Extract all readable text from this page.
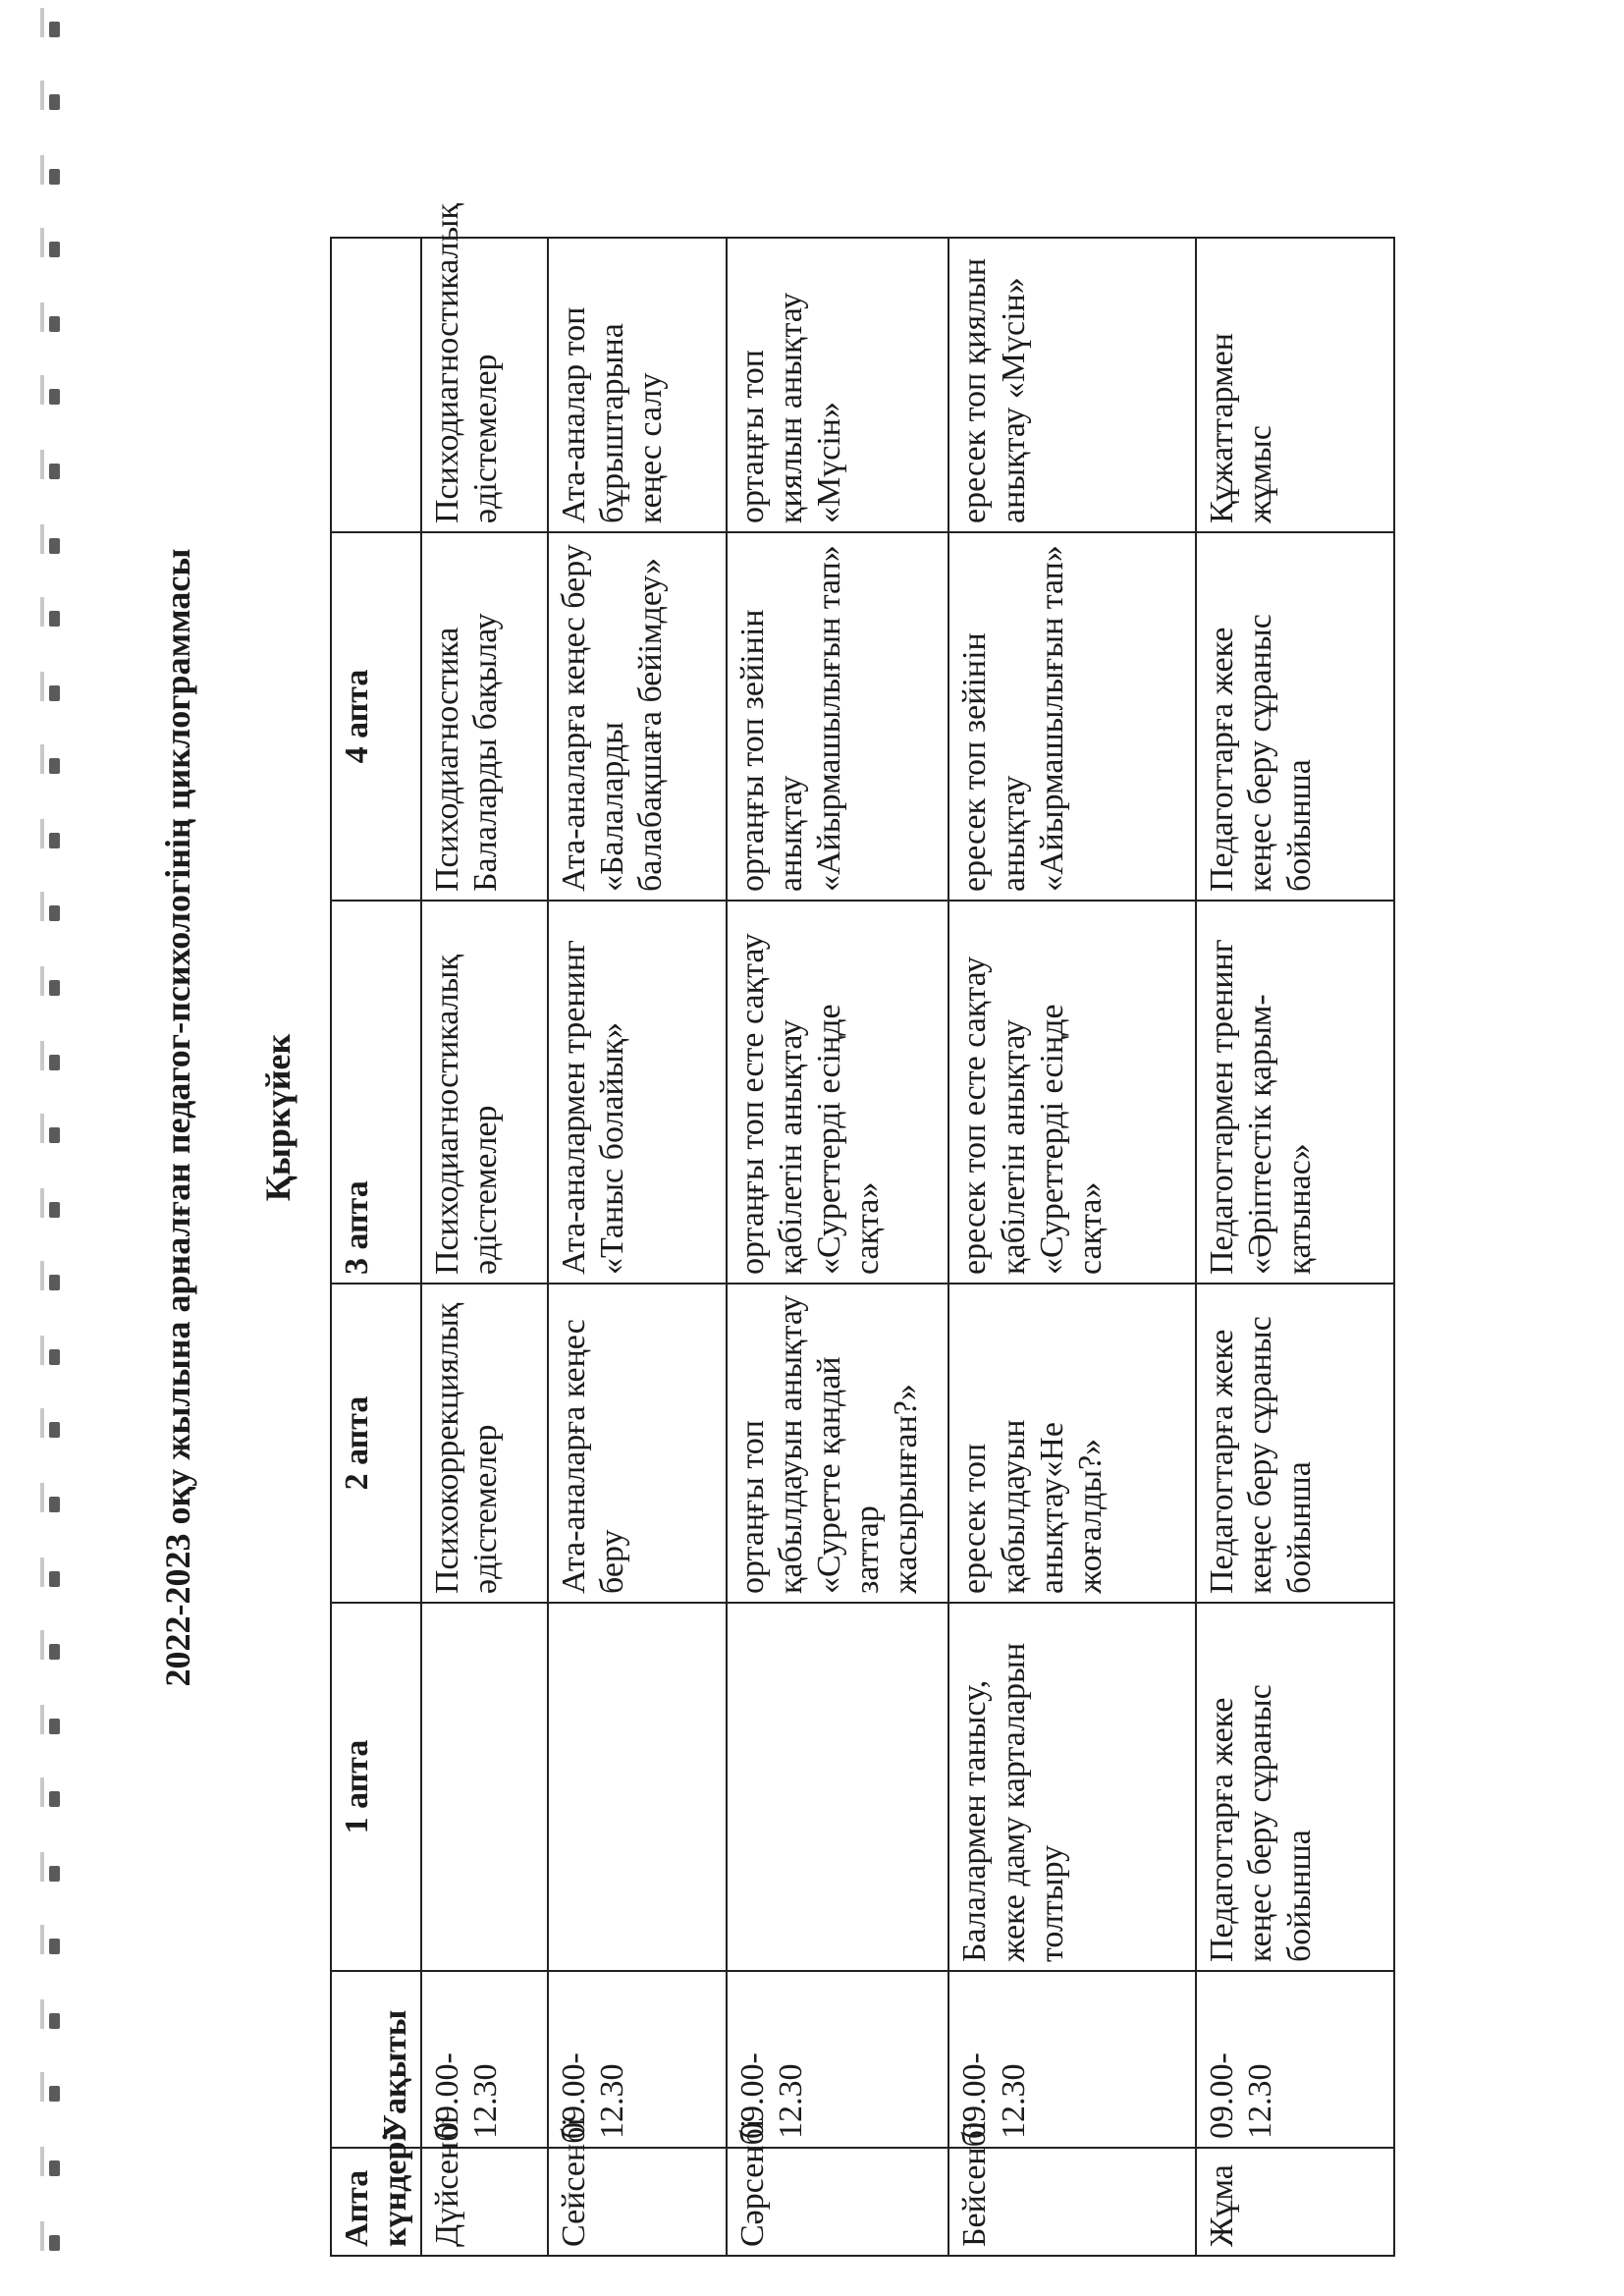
2022-2023 оқу жылына арналған педагог-психологінің циклограммасы Қыркүйек
Апта күндері	Уақыты	1 апта	2 апта	3 апта	4 апта	
Дүйсенбі	09.00-12.30		Психокоррекциялық әдістемелер	Психодиагностикалық әдістемелер	Психодиагностика Балаларды бақылау	Психодиагностикалық әдістемелер
Сейсенбі	09.00-12.30		Ата-аналарға кеңес беру	Ата-аналармен тренинг «Таныс болайық»	Ата-аналарға кеңес беру «Балаларды балабақшаға бейімдеу»	Ата-аналар топ бұрыштарына кеңес салу
Сәрсенбі	09.00-12.30		ортаңғы топ қабылдауын анықтау «Суретте қандай заттар жасырынған?»	ортаңғы топ есте сақтау қабілетін анықтау «Суреттерді есіңде сақта»	ортаңғы топ зейінін анықтау «Айырмашылығын тап»	ортаңғы топ қиялын анықтау «Мүсін»
Бейсенбі	09.00-12.30	Балалармен танысу, жеке даму карталарын толтыру	ересек топ қабылдауын анықтау«Не жоғалды?»	ересек топ есте сақтау қабілетін анықтау «Суреттерді есіңде сақта»	ересек топ зейінін анықтау «Айырмашылығын тап»	ересек топ қиялын анықтау «Мүсін»
Жұма	09.00-12.30	Педагогтарға жеке кеңес беру сұраныс бойынша	Педагогтарға жеке кеңес беру сұраныс бойынша	Педагогтармен тренинг «Әріптестік қарым-қатынас»	Педагогтарға жеке кеңес беру сұраныс бойынша	Құжаттармен жұмыс
